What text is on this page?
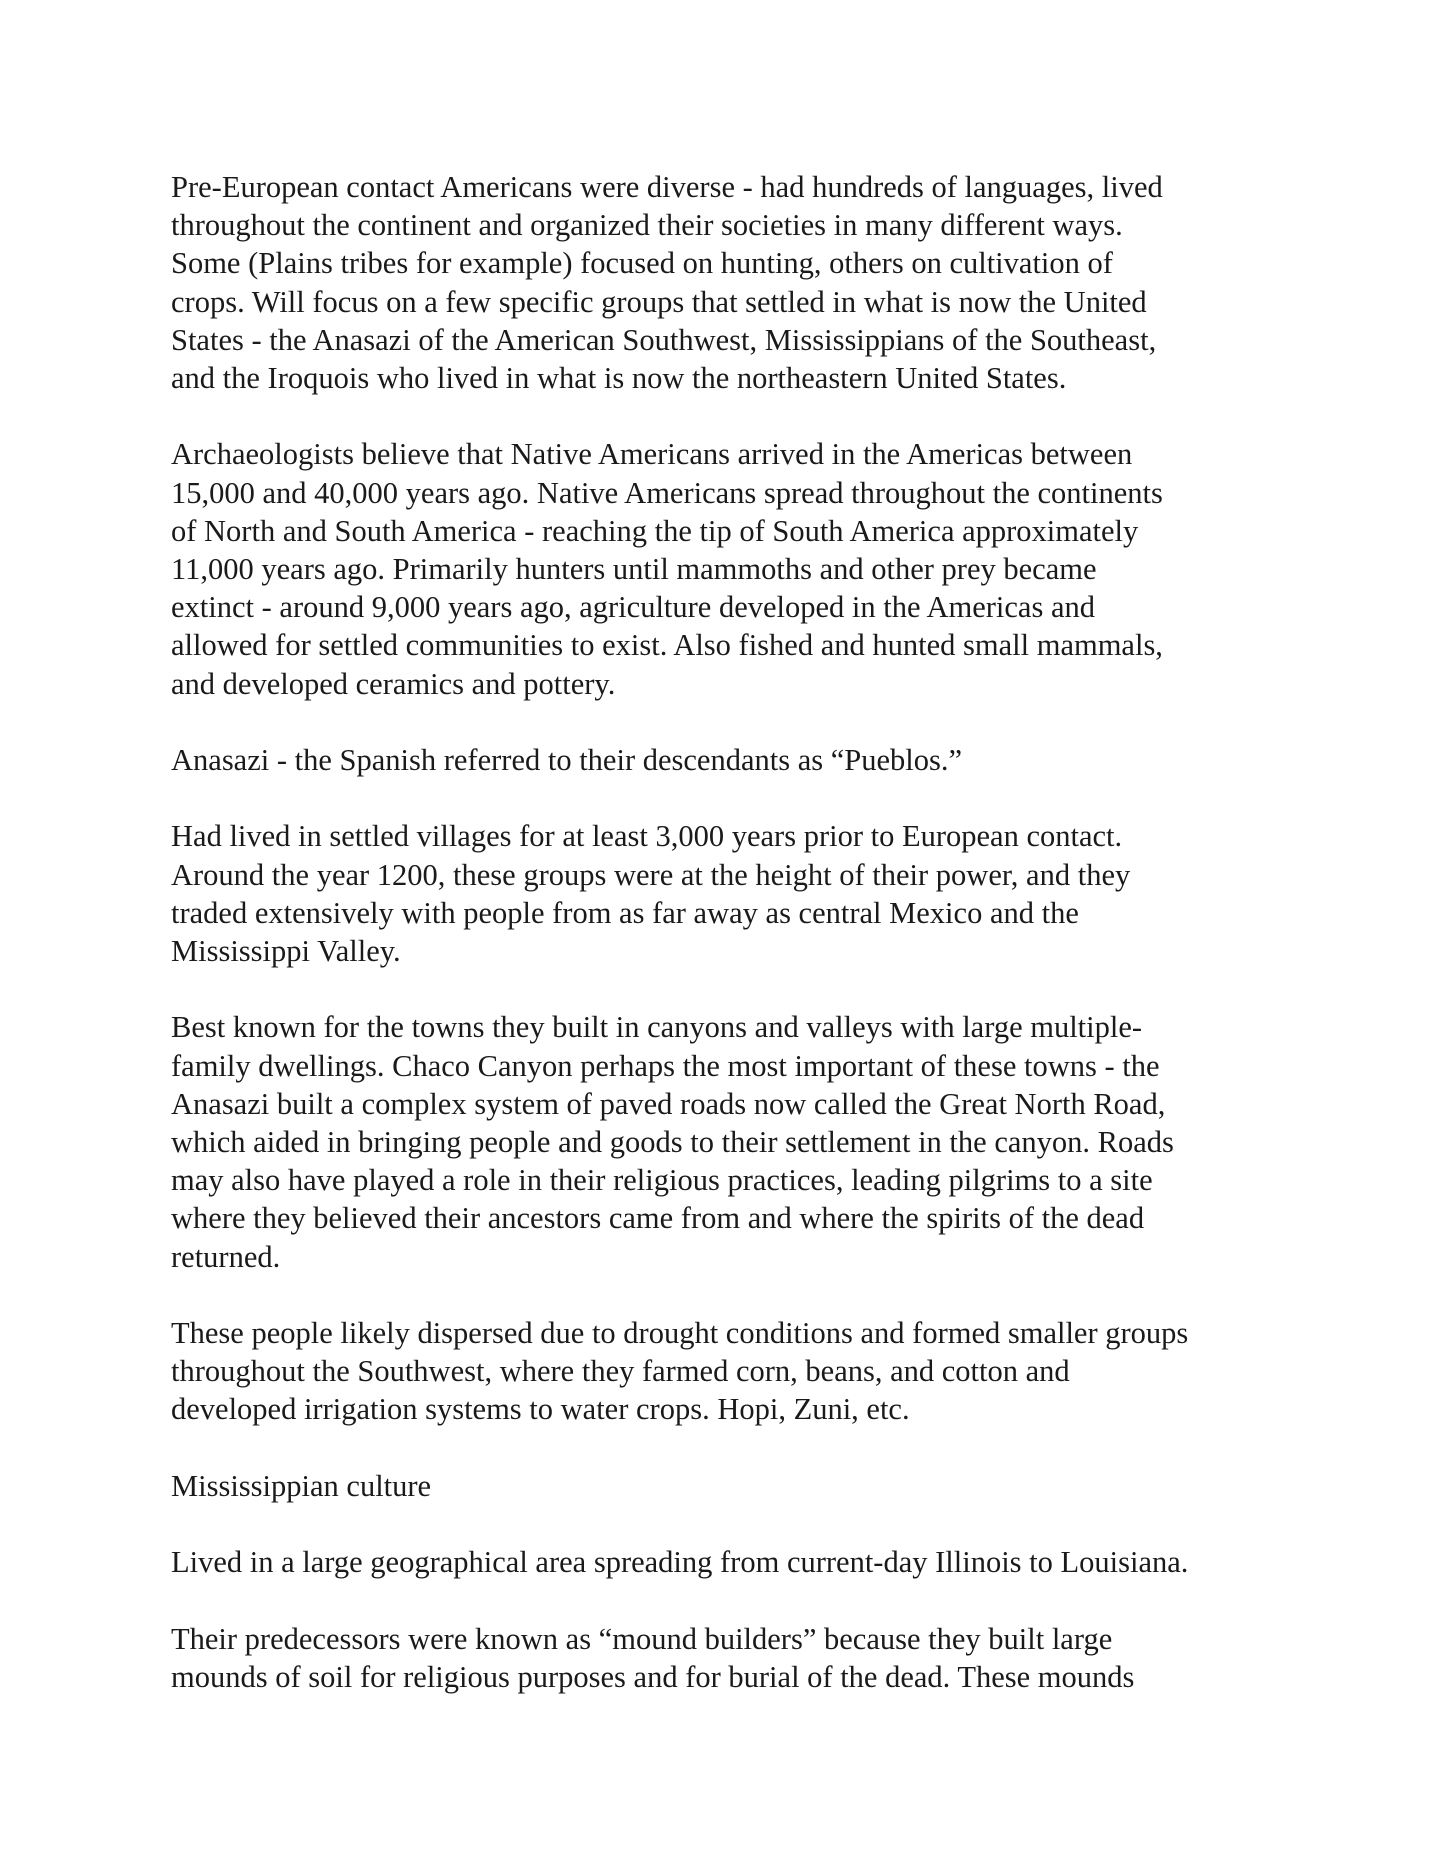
Pre-European contact Americans were diverse - had hundreds of languages, lived
throughout the continent and organized their societies in many different ways.
Some (Plains tribes for example) focused on hunting, others on cultivation of
crops. Will focus on a few specific groups that settled in what is now the United
States - the Anasazi of the American Southwest, Mississippians of the Southeast,
and the Iroquois who lived in what is now the northeastern United States.

Archaeologists believe that Native Americans arrived in the Americas between
15,000 and 40,000 years ago. Native Americans spread throughout the continents
of North and South America - reaching the tip of South America approximately
11,000 years ago. Primarily hunters until mammoths and other prey became
extinct - around 9,000 years ago, agriculture developed in the Americas and
allowed for settled communities to exist. Also fished and hunted small mammals,
and developed ceramics and pottery.

Anasazi - the Spanish referred to their descendants as “Pueblos.”

Had lived in settled villages for at least 3,000 years prior to European contact.
Around the year 1200, these groups were at the height of their power, and they
traded extensively with people from as far away as central Mexico and the
Mississippi Valley.

Best known for the towns they built in canyons and valleys with large multiple-
family dwellings. Chaco Canyon perhaps the most important of these towns - the
Anasazi built a complex system of paved roads now called the Great North Road,
which aided in bringing people and goods to their settlement in the canyon. Roads
may also have played a role in their religious practices, leading pilgrims to a site
where they believed their ancestors came from and where the spirits of the dead
returned.

These people likely dispersed due to drought conditions and formed smaller groups
throughout the Southwest, where they farmed corn, beans, and cotton and
developed irrigation systems to water crops. Hopi, Zuni, etc.

Mississippian culture

Lived in a large geographical area spreading from current-day Illinois to Louisiana.

Their predecessors were known as “mound builders” because they built large
mounds of soil for religious purposes and for burial of the dead. These mounds
